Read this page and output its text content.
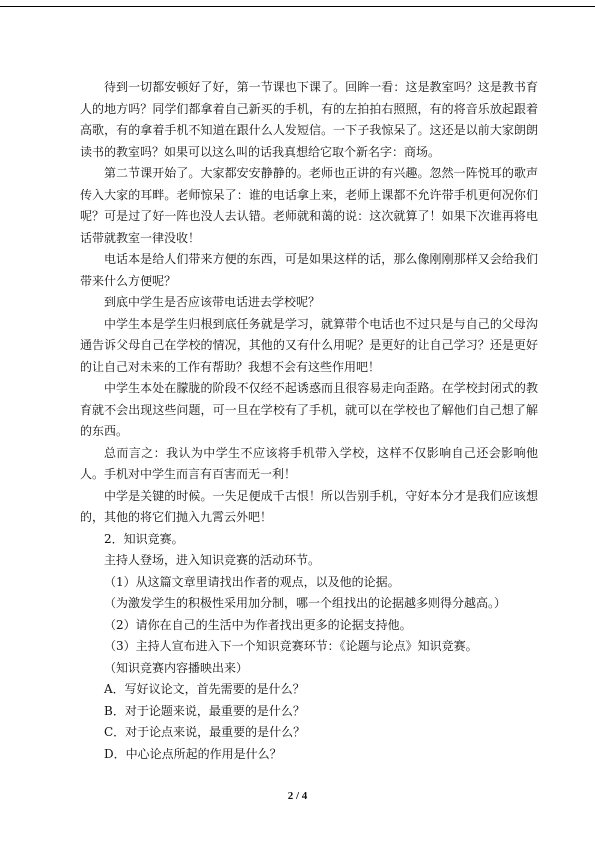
待到一切都安顿好了好，第一节课也下课了。回眸一看：这是教室吗？这是教书育人的地方吗？同学们都拿着自己新买的手机，有的左拍拍右照照，有的将音乐放起跟着高歌，有的拿着手机不知道在跟什么人发短信。一下子我惊呆了。这还是以前大家朗朗读书的教室吗？如果可以这么叫的话我真想给它取个新名字：商场。

第二节课开始了。大家都安安静静的。老师也正讲的有兴趣。忽然一阵悦耳的歌声传入大家的耳畔。老师惊呆了：谁的电话拿上来，老师上课都不允许带手机更何况你们呢？可是过了好一阵也没人去认错。老师就和蔼的说：这次就算了！如果下次谁再将电话带就教室一律没收！

电话本是给人们带来方便的东西，可是如果这样的话，那么像刚刚那样又会给我们带来什么方便呢？

到底中学生是否应该带电话进去学校呢？

中学生本是学生归根到底任务就是学习，就算带个电话也不过只是与自己的父母沟通告诉父母自己在学校的情况，其他的又有什么用呢？是更好的让自己学习？还是更好的让自己对未来的工作有帮助？我想不会有这些作用吧！

中学生本处在朦胧的阶段不仅经不起诱惑而且很容易走向歪路。在学校封闭式的教育就不会出现这些问题，可一旦在学校有了手机，就可以在学校也了解他们自己想了解的东西。

总而言之：我认为中学生不应该将手机带入学校，这样不仅影响自己还会影响他人。手机对中学生而言有百害而无一利！

中学是关键的时候。一失足便成千古恨！所以告别手机，守好本分才是我们应该想的，其他的将它们抛入九霄云外吧！

2．知识竞赛。

主持人登场，进入知识竞赛的活动环节。

（1）从这篇文章里请找出作者的观点，以及他的论据。

（为激发学生的积极性采用加分制，哪一个组找出的论据越多则得分越高。）

（2）请你在自己的生活中为作者找出更多的论据支持他。

（3）主持人宣布进入下一个知识竞赛环节：《论题与论点》知识竞赛。

（知识竞赛内容播映出来）

A．写好议论文，首先需要的是什么？

B．对于论题来说，最重要的是什么？

C．对于论点来说，最重要的是什么？

D．中心论点所起的作用是什么？

2 / 4
